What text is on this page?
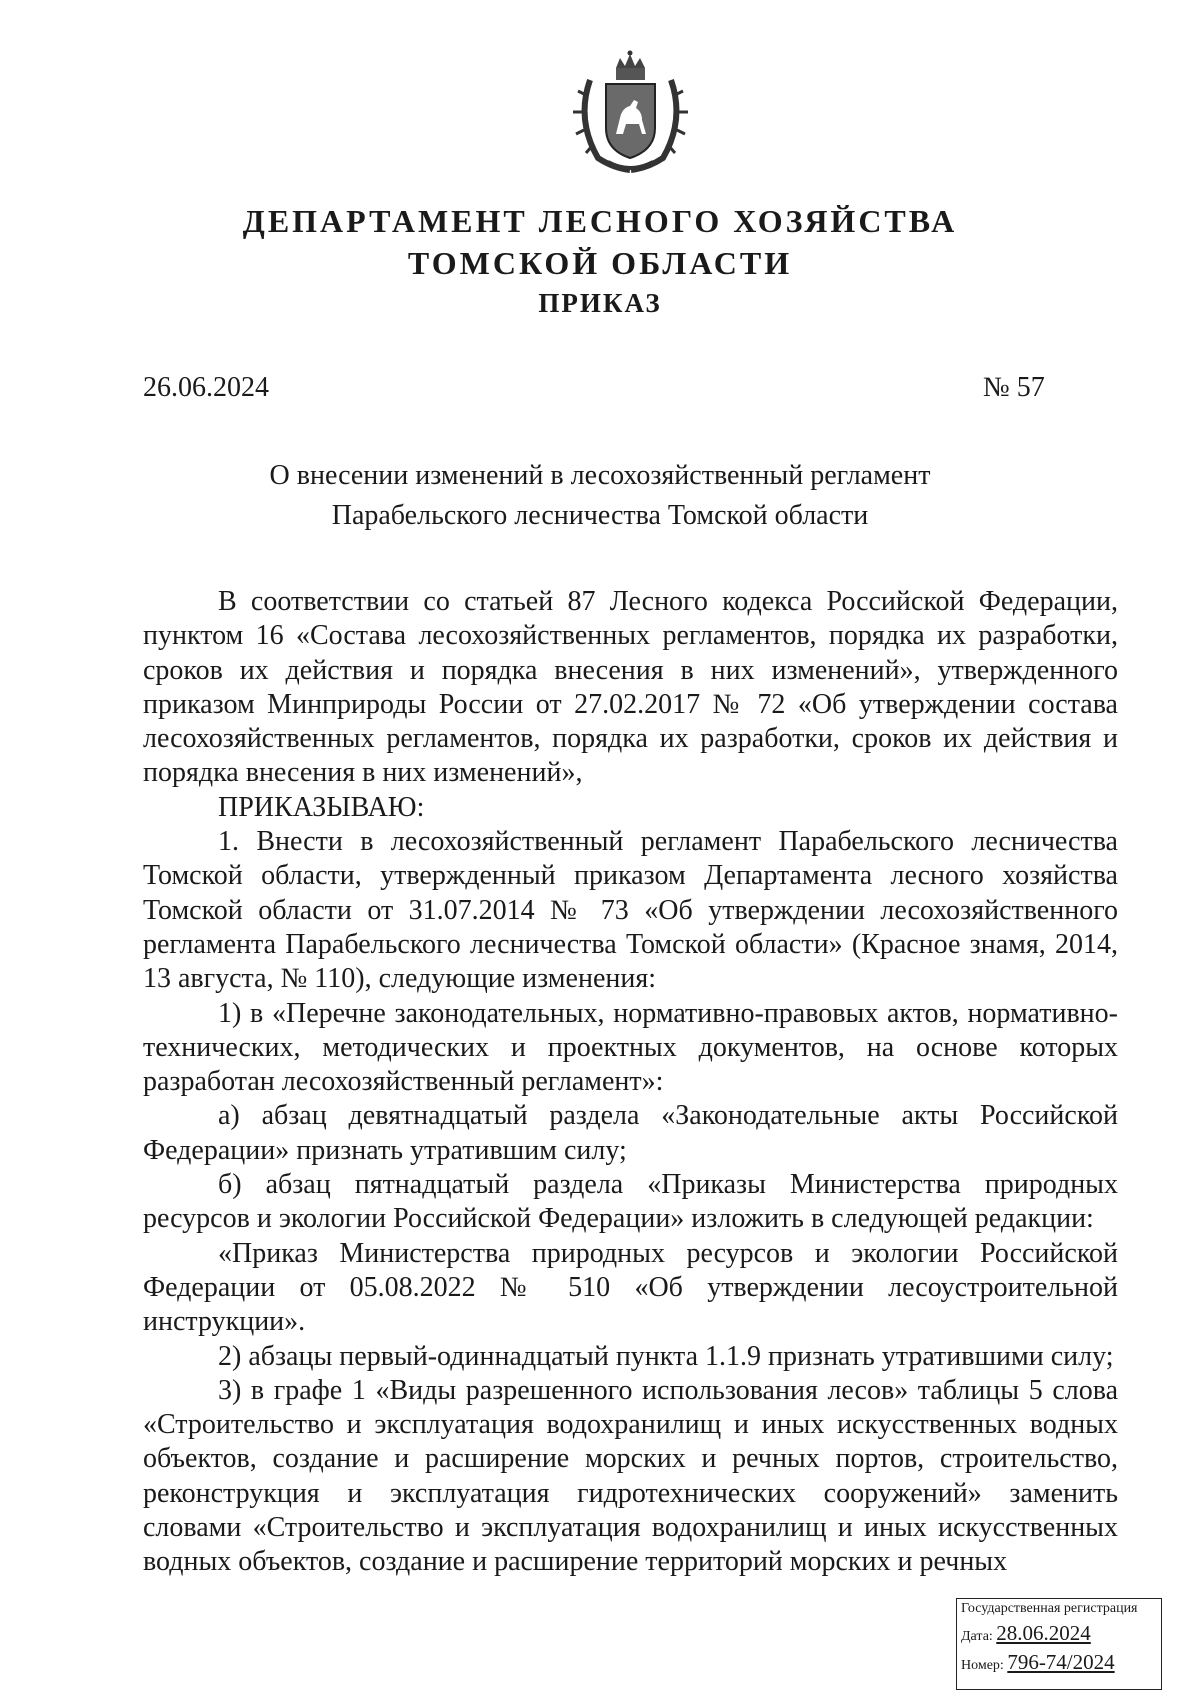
ДЕПАРТАМЕНТ ЛЕСНОГО ХОЗЯЙСТВА
ТОМСКОЙ ОБЛАСТИ
ПРИКАЗ
26.06.2024	№ 57
О внесении изменений в лесохозяйственный регламент
Парабельского лесничества Томской области

В соответствии со статьей 87 Лесного кодекса Российской Федерации, пунктом 16 «Состава лесохозяйственных регламентов, порядка их разработки, сроков их действия и порядка внесения в них изменений», утвержденного приказом Минприроды России от 27.02.2017 № 72 «Об утверждении состава лесохозяйственных регламентов, порядка их разработки, сроков их действия и порядка внесения в них изменений»,

ПРИКАЗЫВАЮ:

1. Внести в лесохозяйственный регламент Парабельского лесничества Томской области, утвержденный приказом Департамента лесного хозяйства Томской области от 31.07.2014 № 73 «Об утверждении лесохозяйственного регламента Парабельского лесничества Томской области» (Красное знамя, 2014, 13 августа, № 110), следующие изменения:

1) в «Перечне законодательных, нормативно-правовых актов, нормативно-технических, методических и проектных документов, на основе которых разработан лесохозяйственный регламент»:

а) абзац девятнадцатый раздела «Законодательные акты Российской Федерации» признать утратившим силу;

б) абзац пятнадцатый раздела «Приказы Министерства природных ресурсов и экологии Российской Федерации» изложить в следующей редакции:

«Приказ Министерства природных ресурсов и экологии Российской Федерации от 05.08.2022 № 510 «Об утверждении лесоустроительной инструкции».

2) абзацы первый-одиннадцатый пункта 1.1.9 признать утратившими силу;

3) в графе 1 «Виды разрешенного использования лесов» таблицы 5 слова «Строительство и эксплуатация водохранилищ и иных искусственных водных объектов, создание и расширение морских и речных портов, строительство, реконструкция и эксплуатация гидротехнических сооружений» заменить словами «Строительство и эксплуатация водохранилищ и иных искусственных водных объектов, создание и расширение территорий морских и речных

Государственная регистрация
Дата: 28.06.2024
Номер: 796-74/2024
